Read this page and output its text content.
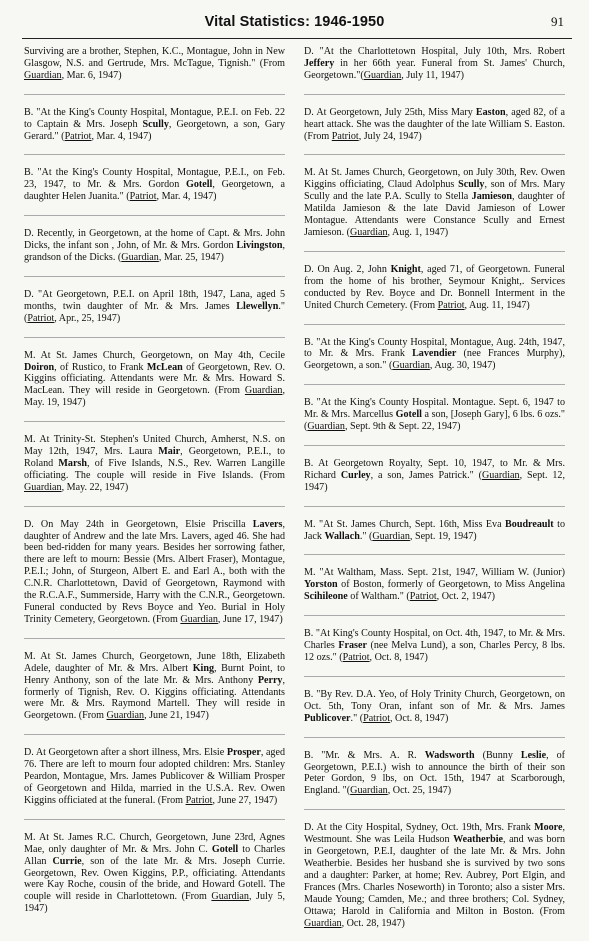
Vital Statistics: 1946-1950	91

Surviving are a brother, Stephen, K.C., Montague, John in New Glasgow, N.S. and Gertrude, Mrs. McTague, Tignish." (From Guardian, Mar. 6, 1947)

B. "At the King's County Hospital, Montague, P.E.I. on Feb. 22 to Captain & Mrs. Joseph Scully, Georgetown, a son, Gary Gerard." (Patriot, Mar. 4, 1947)

B. "At the King's County Hospital, Montague, P.E.I., on Feb. 23, 1947, to Mr. & Mrs. Gordon Gotell, Georgetown, a daughter Helen Juanita." (Patriot, Mar. 4, 1947)

D. Recently, in Georgetown, at the home of Capt. & Mrs. John Dicks, the infant son , John, of Mr. & Mrs. Gordon Livingston, grandson of the Dicks. (Guardian, Mar. 25, 1947)

D. "At Georgetown, P.E.I. on April 18th, 1947, Lana, aged 5 months, twin daughter of Mr. & Mrs. James Llewellyn." (Patriot, Apr., 25, 1947)

M. At St. James Church, Georgetown, on May 4th, Cecile Doiron, of Rustico, to Frank McLean of Georgetown, Rev. O. Kiggins officiating. Attendants were Mr. & Mrs. Howard S. MacLean. They will reside in Georgetown. (From Guardian, May. 19, 1947)

M. At Trinity-St. Stephen's United Church, Amherst, N.S. on May 12th, 1947, Mrs. Laura Mair, Georgetown, P.E.I., to Roland Marsh, of Five Islands, N.S., Rev. Warren Langille officiating. The couple will reside in Five Islands. (From Guardian, May. 22, 1947)

D. On May 24th in Georgetown, Elsie Priscilla Lavers, daughter of Andrew and the late Mrs. Lavers, aged 46. She had been bed-ridden for many years. Besides her sorrowing father, there are left to mourn: Bessie (Mrs. Albert Fraser), Montague, P.E.I.; John, of Sturgeon, Albert E. and Earl A., both with the C.N.R. Charlottetown, David of Georgetown, Raymond with the R.C.A.F., Summerside, Harry with the C.N.R., Georgetown. Funeral conducted by Revs Boyce and Yeo. Burial in Holy Trinity Cemetery, Georgetown. (From Guardian, June 17, 1947)

M. At St. James Church, Georgetown, June 18th, Elizabeth Adele, daughter of Mr. & Mrs. Albert King, Burnt Point, to Henry Anthony, son of the late Mr. & Mrs. Anthony Perry, formerly of Tignish, Rev. O. Kiggins officiating. Attendants were Mr. & Mrs. Raymond Martell. They will reside in Georgetown. (From Guardian, June 21, 1947)

D. At Georgetown after a short illness, Mrs. Elsie Prosper, aged 76. There are left to mourn four adopted children: Mrs. Stanley Peardon, Montague, Mrs. James Publicover & William Prosper of Georgetown and Hilda, married in the U.S.A. Rev. Owen Kiggins officiated at the funeral. (From Patriot, June 27, 1947)

M. At St. James R.C. Church, Georgetown, June 23rd, Agnes Mae, only daughter of Mr. & Mrs. John C. Gotell to Charles Allan Currie, son of the late Mr. & Mrs. Joseph Currie. Georgetown, Rev. Owen Kiggins, P.P., officiating. Attendants were Kay Roche, cousin of the bride, and Howard Gotell. The couple will reside in Charlottetown. (From Guardian, July 5, 1947)

D. "At the Charlottetown Hospital, July 10th, Mrs. Robert Jeffery in her 66th year. Funeral from St. James' Church, Georgetown."(Guardian, July 11, 1947)

D. At Georgetown, July 25th, Miss Mary Easton, aged 82, of a heart attack. She was the daughter of the late William S. Easton. (From Patriot, July 24, 1947)

M. At St. James Church, Georgetown, on July 30th, Rev. Owen Kiggins officiating, Claud Adolphus Scully, son of Mrs. Mary Scully and the late P.A. Scully to Stella Jamieson, daughter of Matilda Jamieson & the late David Jamieson of Lower Montague. Attendants were Constance Scully and Ernest Jamieson. (Guardian, Aug. 1, 1947)

D. On Aug. 2, John Knight, aged 71, of Georgetown. Funeral from the home of his brother, Seymour Knight,. Services conducted by Rev. Boyce and Dr. Bonnell Interment in the United Church Cemetery. (From Patriot, Aug. 11, 1947)

B. "At the King's County Hospital, Montague, Aug. 24th, 1947, to Mr. & Mrs. Frank Lavendier (nee Frances Murphy), Georgetown, a son." (Guardian, Aug. 30, 1947)

B. "At the King's County Hospital. Montague. Sept. 6, 1947 to Mr. & Mrs. Marcellus Gotell a son, [Joseph Gary], 6 lbs. 6 ozs." (Guardian, Sept. 9th & Sept. 22, 1947)

B. At Georgetown Royalty, Sept. 10, 1947, to Mr. & Mrs. Richard Curley, a son, James Patrick." (Guardian, Sept. 12, 1947)

M. "At St. James Church, Sept. 16th, Miss Eva Boudreault to Jack Wallach." (Guardian, Sept. 19, 1947)

M. "At Waltham, Mass. Sept. 21st, 1947, William W. (Junior) Yorston of Boston, formerly of Georgetown, to Miss Angelina Scihileone of Waltham." (Patriot, Oct. 2, 1947)

B. "At King's County Hospital, on Oct. 4th, 1947, to Mr. & Mrs. Charles Fraser (nee Melva Lund), a son, Charles Percy, 8 lbs. 12 ozs." (Patriot, Oct. 8, 1947)

B. "By Rev. D.A. Yeo, of Holy Trinity Church, Georgetown, on Oct. 5th, Tony Oran, infant son of Mr. & Mrs. James Publicover." (Patriot, Oct. 8, 1947)

B. "Mr. & Mrs. A. R. Wadsworth (Bunny Leslie, of Georgetown, P.E.I.) wish to announce the birth of their son Peter Gordon, 9 lbs, on Oct. 15th, 1947 at Scarborough, England. "(Guardian, Oct. 25, 1947)

D. At the City Hospital, Sydney, Oct. 19th, Mrs. Frank Moore, Westmount. She was Leila Hudson Weatherbie, and was born in Georgetown, P.E.I, daughter of the late Mr. & Mrs. John Weatherbie. Besides her husband she is survived by two sons and a daughter: Parker, at home; Rev. Aubrey, Port Elgin, and Frances (Mrs. Charles Noseworth) in Toronto; also a sister Mrs. Maude Young; Camden, Me.; and three brothers; Col. Sydney, Ottawa; Harold in California and Milton in Boston. (From Guardian, Oct. 28, 1947)
